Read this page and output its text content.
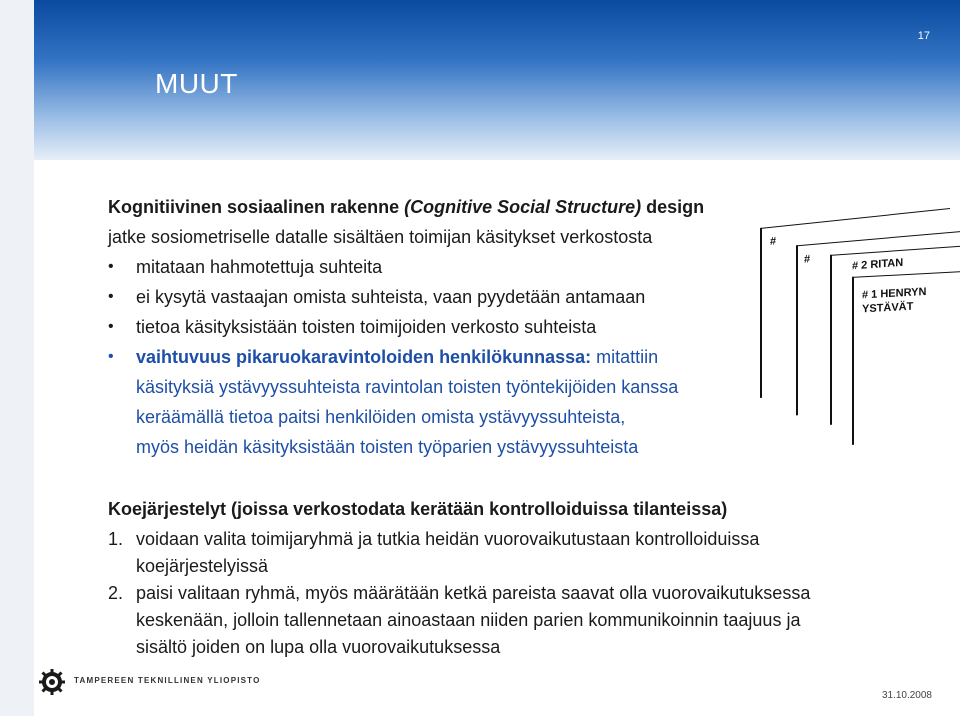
17
MUUT
Kognitiivinen sosiaalinen rakenne (Cognitive Social Structure) design
jatke sosiometriselle datalle sisältäen toimijan käsitykset verkostosta
•	mitataan hahmotettuja suhteita
•	ei kysytä vastaajan omista suhteista, vaan pyydetään antamaan
•	tietoa käsityksistään toisten toimijoiden verkosto suhteista
•	vaihtuvuus pikaruokaravintoloiden henkilökunnassa: mitattiin
käsityksiä ystävyyssuhteista ravintolan toisten työntekijöiden kanssa
keräämällä tietoa paitsi henkilöiden omista ystävyyssuhteista,
myös heidän käsityksistään toisten työparien ystävyyssuhteista
#
#	# 2 RITAN
# 1 HENRYN
YSTÄVÄT
Koejärjestelyt (joissa verkostodata kerätään kontrolloiduissa tilanteissa)
1. voidaan valita toimijaryhmä ja tutkia heidän vuorovaikutustaan kontrolloiduissa
koejärjestelyissä
2. paisi valitaan ryhmä, myös määrätään ketkä pareista saavat olla vuorovaikutuksessa
keskenään, jolloin tallennetaan ainoastaan niiden parien kommunikoinnin taajuus ja
sisältö joiden on lupa olla vuorovaikutuksessa
TAMPEREEN TEKNILLINEN YLIOPISTO
31.10.2008
